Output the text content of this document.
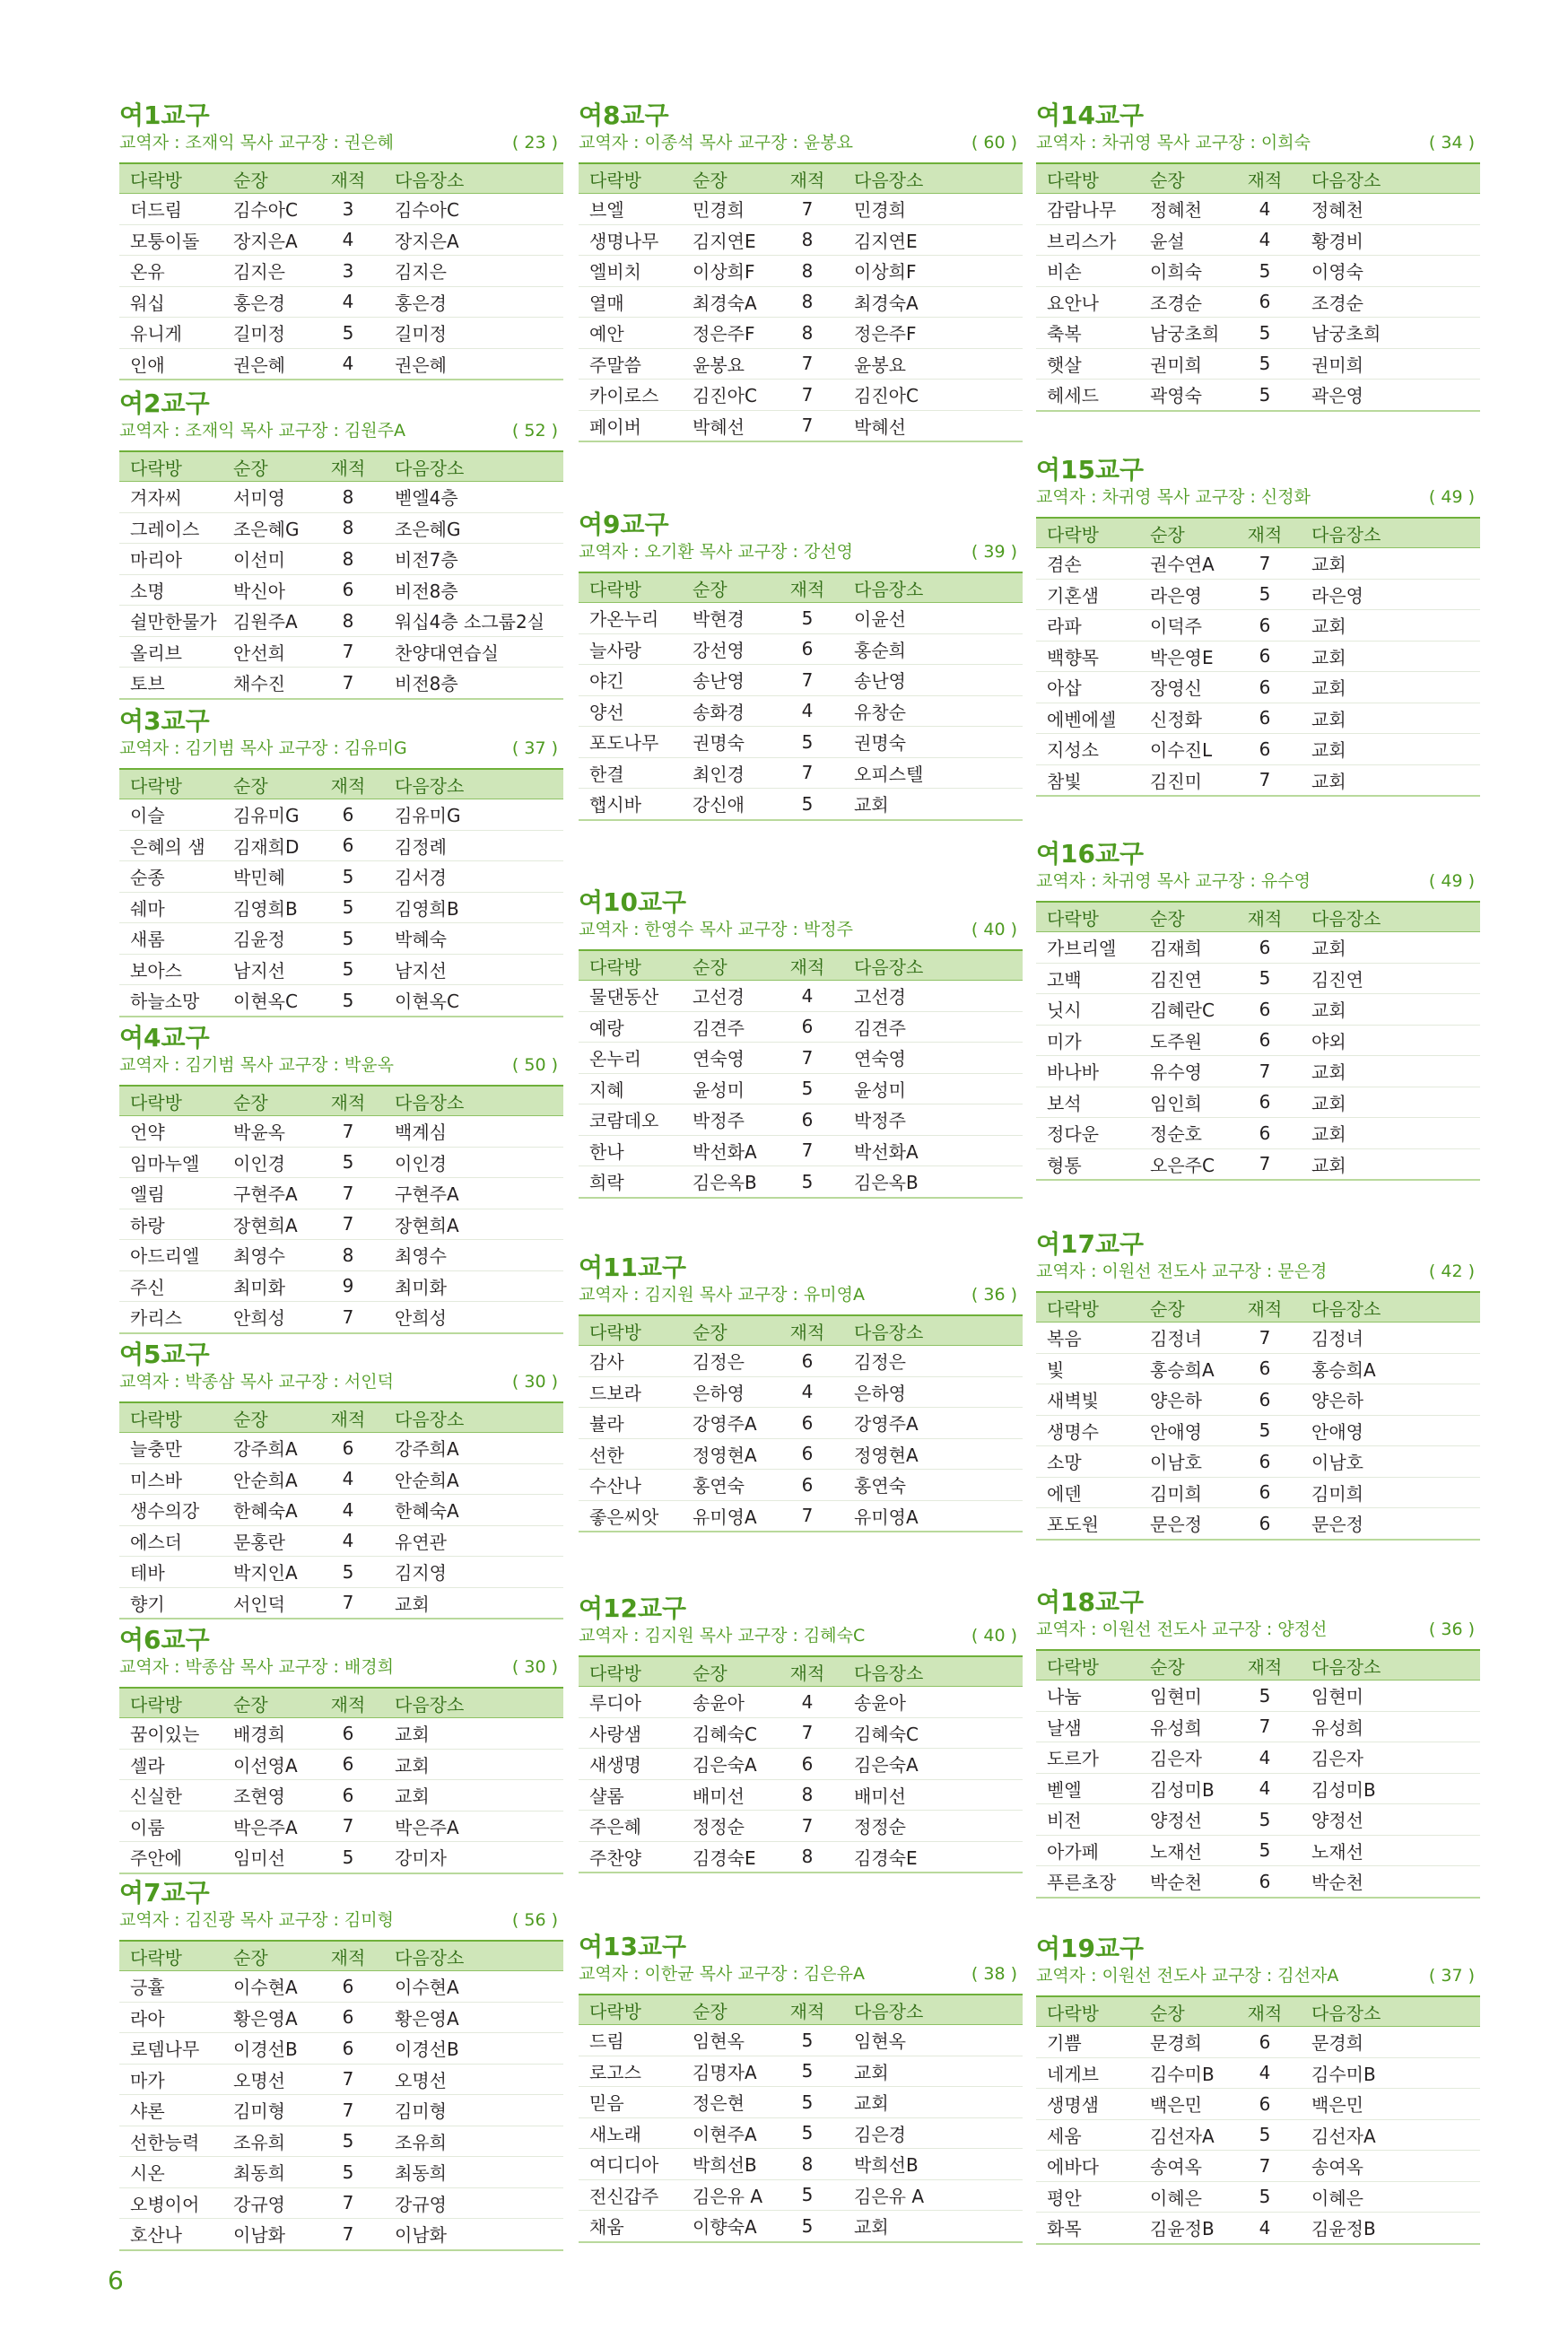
여1교구
교역자 : 조재익 목사 교구장 : 권은혜	( 23 )
다락방	순장	재적	다음장소
더드림	김수아C	3	김수아C
모퉁이돌	장지은A	4	장지은A
온유	김지은	3	김지은
워십	홍은경	4	홍은경
유니게	길미정	5	길미정
인애	권은혜	4	권은혜
여2교구
교역자 : 조재익 목사 교구장 : 김원주A	( 52 )
다락방	순장	재적	다음장소
겨자씨	서미영	8	벧엘4층
그레이스	조은혜G	8	조은혜G
마리아	이선미	8	비전7층
소명	박신아	6	비전8층
쉴만한물가	김원주A	8	워십4층 소그룹2실
올리브	안선희	7	찬양대연습실
토브	채수진	7	비전8층
여3교구
교역자 : 김기범 목사 교구장 : 김유미G	( 37 )
다락방	순장	재적	다음장소
이슬	김유미G	6	김유미G
은혜의 샘	김재희D	6	김정례
순종	박민혜	5	김서경
쉐마	김영희B	5	김영희B
새롬	김윤정	5	박혜숙
보아스	남지선	5	남지선
하늘소망	이현옥C	5	이현옥C
여4교구
교역자 : 김기범 목사 교구장 : 박윤옥	( 50 )
다락방	순장	재적	다음장소
언약	박윤옥	7	백계심
임마누엘	이인경	5	이인경
엘림	구현주A	7	구현주A
하랑	장현희A	7	장현희A
아드리엘	최영수	8	최영수
주신	최미화	9	최미화
카리스	안희성	7	안희성
여5교구
교역자 : 박종삼 목사 교구장 : 서인덕	( 30 )
다락방	순장	재적	다음장소
늘충만	강주희A	6	강주희A
미스바	안순희A	4	안순희A
생수의강	한혜숙A	4	한혜숙A
에스더	문홍란	4	유연관
테바	박지인A	5	김지영
향기	서인덕	7	교회
여6교구
교역자 : 박종삼 목사 교구장 : 배경희	( 30 )
다락방	순장	재적	다음장소
꿈이있는	배경희	6	교회
셀라	이선영A	6	교회
신실한	조현영	6	교회
이룸	박은주A	7	박은주A
주안에	임미선	5	강미자
여7교구
교역자 : 김진광 목사 교구장 : 김미형	( 56 )
다락방	순장	재적	다음장소
긍휼	이수현A	6	이수현A
라아	황은영A	6	황은영A
로뎀나무	이경선B	6	이경선B
마가	오명선	7	오명선
샤론	김미형	7	김미형
선한능력	조유희	5	조유희
시온	최동희	5	최동희
오병이어	강규영	7	강규영
호산나	이남화	7	이남화
여8교구
교역자 : 이종석 목사 교구장 : 윤봉요	( 60 )
다락방	순장	재적	다음장소
브엘	민경희	7	민경희
생명나무	김지연E	8	김지연E
엘비치	이상희F	8	이상희F
열매	최경숙A	8	최경숙A
예안	정은주F	8	정은주F
주말씀	윤봉요	7	윤봉요
카이로스	김진아C	7	김진아C
페이버	박혜선	7	박혜선
여9교구
교역자 : 오기환 목사 교구장 : 강선영	( 39 )
다락방	순장	재적	다음장소
가온누리	박현경	5	이윤선
늘사랑	강선영	6	홍순희
야긴	송난영	7	송난영
양선	송화경	4	유창순
포도나무	권명숙	5	권명숙
한결	최인경	7	오피스텔
햅시바	강신애	5	교회
여10교구
교역자 : 한영수 목사 교구장 : 박정주	( 40 )
다락방	순장	재적	다음장소
물댄동산	고선경	4	고선경
예랑	김견주	6	김견주
온누리	연숙영	7	연숙영
지혜	윤성미	5	윤성미
코람데오	박정주	6	박정주
한나	박선화A	7	박선화A
희락	김은옥B	5	김은옥B
여11교구
교역자 : 김지원 목사 교구장 : 유미영A	( 36 )
다락방	순장	재적	다음장소
감사	김정은	6	김정은
드보라	은하영	4	은하영
뷸라	강영주A	6	강영주A
선한	정영현A	6	정영현A
수산나	홍연숙	6	홍연숙
좋은씨앗	유미영A	7	유미영A
여12교구
교역자 : 김지원 목사 교구장 : 김혜숙C	( 40 )
다락방	순장	재적	다음장소
루디아	송윤아	4	송윤아
사랑샘	김혜숙C	7	김혜숙C
새생명	김은숙A	6	김은숙A
샬롬	배미선	8	배미선
주은혜	정정순	7	정정순
주찬양	김경숙E	8	김경숙E
여13교구
교역자 : 이한균 목사 교구장 : 김은유A	( 38 )
다락방	순장	재적	다음장소
드림	임현옥	5	임현옥
로고스	김명자A	5	교회
믿음	정은현	5	교회
새노래	이현주A	5	김은경
여디디아	박희선B	8	박희선B
전신갑주	김은유 A	5	김은유 A
채움	이향숙A	5	교회
여14교구
교역자 : 차귀영 목사 교구장 : 이희숙	( 34 )
다락방	순장	재적	다음장소
감람나무	정혜천	4	정혜천
브리스가	윤설	4	황경비
비손	이희숙	5	이영숙
요안나	조경순	6	조경순
축복	남궁초희	5	남궁초희
햇살	권미희	5	권미희
헤세드	곽영숙	5	곽은영
여15교구
교역자 : 차귀영 목사 교구장 : 신정화	( 49 )
다락방	순장	재적	다음장소
겸손	권수연A	7	교회
기혼샘	라은영	5	라은영
라파	이덕주	6	교회
백향목	박은영E	6	교회
아삽	장영신	6	교회
에벤에셀	신정화	6	교회
지성소	이수진L	6	교회
참빛	김진미	7	교회
여16교구
교역자 : 차귀영 목사 교구장 : 유수영	( 49 )
다락방	순장	재적	다음장소
가브리엘	김재희	6	교회
고백	김진연	5	김진연
닛시	김혜란C	6	교회
미가	도주원	6	야외
바나바	유수영	7	교회
보석	임인희	6	교회
정다운	정순호	6	교회
형통	오은주C	7	교회
여17교구
교역자 : 이원선 전도사 교구장 : 문은경	( 42 )
다락방	순장	재적	다음장소
복음	김정녀	7	김정녀
빛	홍승희A	6	홍승희A
새벽빛	양은하	6	양은하
생명수	안애영	5	안애영
소망	이남호	6	이남호
에덴	김미희	6	김미희
포도원	문은정	6	문은정
여18교구
교역자 : 이원선 전도사 교구장 : 양정선	( 36 )
다락방	순장	재적	다음장소
나눔	임현미	5	임현미
날샘	유성희	7	유성희
도르가	김은자	4	김은자
벧엘	김성미B	4	김성미B
비전	양정선	5	양정선
아가페	노재선	5	노재선
푸른초장	박순천	6	박순천
여19교구
교역자 : 이원선 전도사 교구장 : 김선자A	( 37 )
다락방	순장	재적	다음장소
기쁨	문경희	6	문경희
네게브	김수미B	4	김수미B
생명샘	백은민	6	백은민
세움	김선자A	5	김선자A
에바다	송여옥	7	송여옥
평안	이혜은	5	이혜은
화목	김윤정B	4	김윤정B
6
